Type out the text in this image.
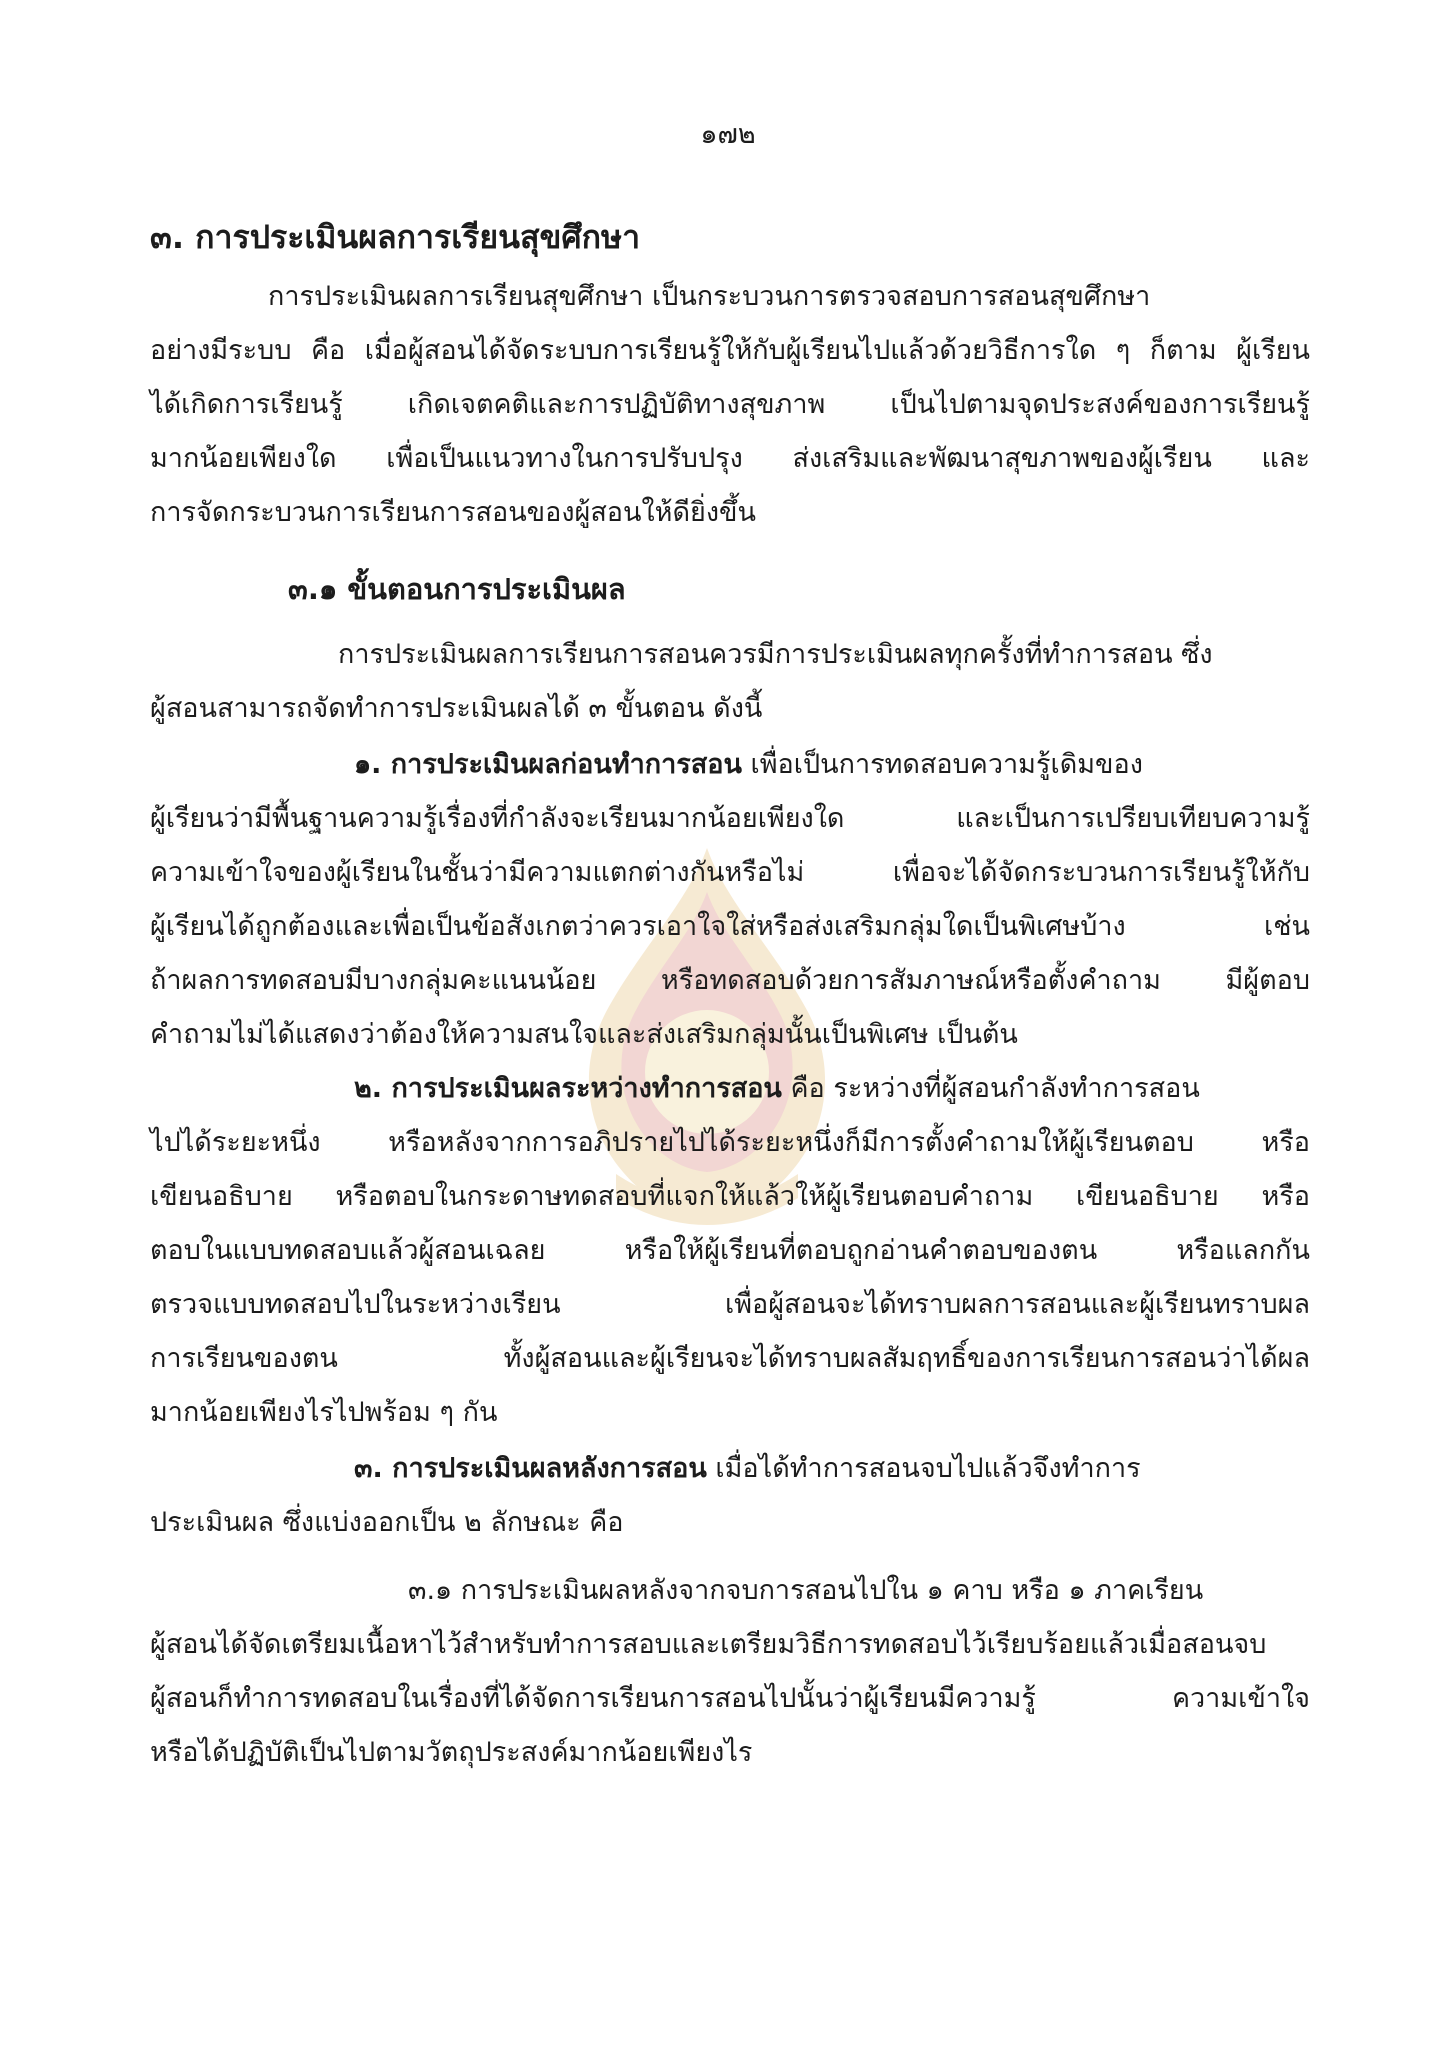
๑๗๒
๓. การประเมินผลการเรียนสุขศึกษา
การประเมินผลการเรียนสุขศึกษา เป็นกระบวนการตรวจสอบการสอนสุขศึกษา
อย่างมีระบบ คือ เมื่อผู้สอนได้จัดระบบการเรียนรู้ให้กับผู้เรียนไปแล้วด้วยวิธีการใด ๆ ก็ตาม ผู้เรียน
ได้เกิดการเรียนรู้ เกิดเจตคติและการปฏิบัติทางสุขภาพ เป็นไปตามจุดประสงค์ของการเรียนรู้
มากน้อยเพียงใด เพื่อเป็นแนวทางในการปรับปรุง ส่งเสริมและพัฒนาสุขภาพของผู้เรียน และ
การจัดกระบวนการเรียนการสอนของผู้สอนให้ดียิ่งขึ้น
๓.๑ ขั้นตอนการประเมินผล
การประเมินผลการเรียนการสอนควรมีการประเมินผลทุกครั้งที่ทำการสอน ซึ่ง
ผู้สอนสามารถจัดทำการประเมินผลได้ ๓ ขั้นตอน ดังนี้
๑. การประเมินผลก่อนทำการสอน เพื่อเป็นการทดสอบความรู้เดิมของ
ผู้เรียนว่ามีพื้นฐานความรู้เรื่องที่กำลังจะเรียนมากน้อยเพียงใด และเป็นการเปรียบเทียบความรู้
ความเข้าใจของผู้เรียนในชั้นว่ามีความแตกต่างกันหรือไม่ เพื่อจะได้จัดกระบวนการเรียนรู้ให้กับ
ผู้เรียนได้ถูกต้องและเพื่อเป็นข้อสังเกตว่าควรเอาใจใส่หรือส่งเสริมกลุ่มใดเป็นพิเศษบ้าง เช่น
ถ้าผลการทดสอบมีบางกลุ่มคะแนนน้อย หรือทดสอบด้วยการสัมภาษณ์หรือตั้งคำถาม มีผู้ตอบ
คำถามไม่ได้แสดงว่าต้องให้ความสนใจและส่งเสริมกลุ่มนั้นเป็นพิเศษ เป็นต้น
๒. การประเมินผลระหว่างทำการสอน คือ ระหว่างที่ผู้สอนกำลังทำการสอน
ไปได้ระยะหนึ่ง หรือหลังจากการอภิปรายไปได้ระยะหนึ่งก็มีการตั้งคำถามให้ผู้เรียนตอบ หรือ
เขียนอธิบาย หรือตอบในกระดาษทดสอบที่แจกให้แล้วให้ผู้เรียนตอบคำถาม เขียนอธิบาย หรือ
ตอบในแบบทดสอบแล้วผู้สอนเฉลย หรือให้ผู้เรียนที่ตอบถูกอ่านคำตอบของตน หรือแลกกัน
ตรวจแบบทดสอบไปในระหว่างเรียน เพื่อผู้สอนจะได้ทราบผลการสอนและผู้เรียนทราบผล
การเรียนของตน ทั้งผู้สอนและผู้เรียนจะได้ทราบผลสัมฤทธิ์ของการเรียนการสอนว่าได้ผล
มากน้อยเพียงไรไปพร้อม ๆ กัน
๓. การประเมินผลหลังการสอน เมื่อได้ทำการสอนจบไปแล้วจึงทำการ
ประเมินผล ซึ่งแบ่งออกเป็น ๒ ลักษณะ คือ
๓.๑ การประเมินผลหลังจากจบการสอนไปใน ๑ คาบ หรือ ๑ ภาคเรียน
ผู้สอนได้จัดเตรียมเนื้อหาไว้สำหรับทำการสอบและเตรียมวิธีการทดสอบไว้เรียบร้อยแล้วเมื่อสอนจบ
ผู้สอนก็ทำการทดสอบในเรื่องที่ได้จัดการเรียนการสอนไปนั้นว่าผู้เรียนมีความรู้ ความเข้าใจ
หรือได้ปฏิบัติเป็นไปตามวัตถุประสงค์มากน้อยเพียงไร
